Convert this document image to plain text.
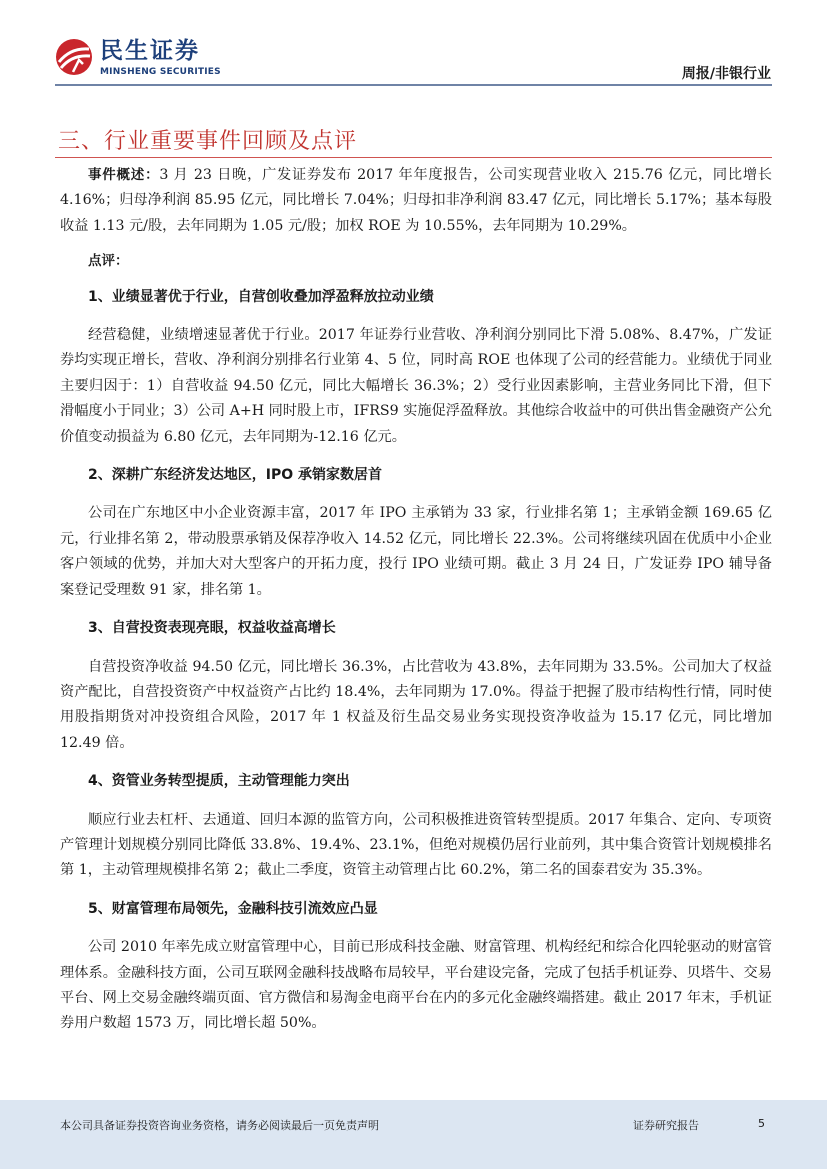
民生证券
MINSHENG SECURITIES	周报/非银行业
三、行业重要事件回顾及点评

事件概述：3 月 23 日晚，广发证券发布 2017 年年度报告，公司实现营业收入 215.76 亿元，同比增长 4.16%；归母净利润 85.95 亿元，同比增长 7.04%；归母扣非净利润 83.47 亿元，同比增长 5.17%；基本每股收益 1.13 元/股，去年同期为 1.05 元/股；加权 ROE 为 10.55%，去年同期为 10.29%。

点评：

1、业绩显著优于行业，自营创收叠加浮盈释放拉动业绩

经营稳健，业绩增速显著优于行业。2017 年证券行业营收、净利润分别同比下滑 5.08%、8.47%，广发证券均实现正增长，营收、净利润分别排名行业第 4、5 位，同时高 ROE 也体现了公司的经营能力。业绩优于同业主要归因于：1）自营收益 94.50 亿元，同比大幅增长 36.3%；2）受行业因素影响，主营业务同比下滑，但下滑幅度小于同业；3）公司 A+H 同时股上市，IFRS9 实施促浮盈释放。其他综合收益中的可供出售金融资产公允价值变动损益为 6.80 亿元，去年同期为-12.16 亿元。

2、深耕广东经济发达地区，IPO 承销家数居首

公司在广东地区中小企业资源丰富，2017 年 IPO 主承销为 33 家，行业排名第 1；主承销金额 169.65 亿元，行业排名第 2，带动股票承销及保荐净收入 14.52 亿元，同比增长 22.3%。公司将继续巩固在优质中小企业客户领域的优势，并加大对大型客户的开拓力度，投行 IPO 业绩可期。截止 3 月 24 日，广发证券 IPO 辅导备案登记受理数 91 家，排名第 1。

3、自营投资表现亮眼，权益收益高增长

自营投资净收益 94.50 亿元，同比增长 36.3%，占比营收为 43.8%，去年同期为 33.5%。公司加大了权益资产配比，自营投资资产中权益资产占比约 18.4%，去年同期为 17.0%。得益于把握了股市结构性行情，同时使用股指期货对冲投资组合风险，2017 年 1 权益及衍生品交易业务实现投资净收益为 15.17 亿元，同比增加 12.49 倍。

4、资管业务转型提质，主动管理能力突出

顺应行业去杠杆、去通道、回归本源的监管方向，公司积极推进资管转型提质。2017 年集合、定向、专项资产管理计划规模分别同比降低 33.8%、19.4%、23.1%，但绝对规模仍居行业前列，其中集合资管计划规模排名第 1，主动管理规模排名第 2；截止二季度，资管主动管理占比 60.2%，第二名的国泰君安为 35.3%。

5、财富管理布局领先，金融科技引流效应凸显

公司 2010 年率先成立财富管理中心，目前已形成科技金融、财富管理、机构经纪和综合化四轮驱动的财富管理体系。金融科技方面，公司互联网金融科技战略布局较早，平台建设完备，完成了包括手机证券、贝塔牛、交易平台、网上交易金融终端页面、官方微信和易淘金电商平台在内的多元化金融终端搭建。截止 2017 年末，手机证券用户数超 1573 万，同比增长超 50%。

本公司具备证券投资咨询业务资格，请务必阅读最后一页免责声明	证券研究报告	5
